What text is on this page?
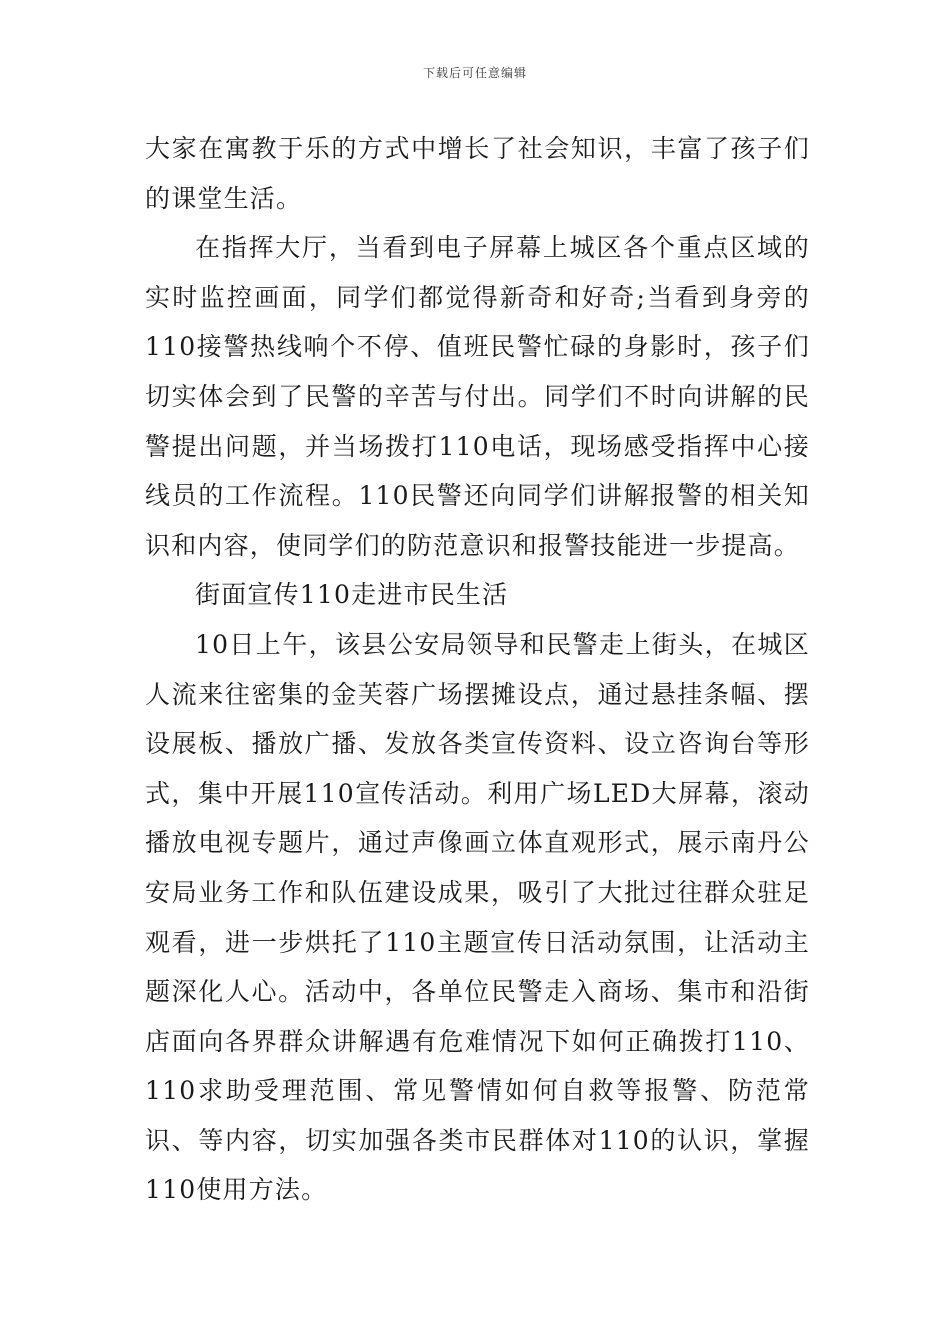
下载后可任意编辑

大家在寓教于乐的方式中增长了社会知识，丰富了孩子们的课堂生活。

在指挥大厅，当看到电子屏幕上城区各个重点区域的实时监控画面，同学们都觉得新奇和好奇;当看到身旁的110接警热线响个不停、值班民警忙碌的身影时，孩子们切实体会到了民警的辛苦与付出。同学们不时向讲解的民警提出问题，并当场拨打110电话，现场感受指挥中心接线员的工作流程。110民警还向同学们讲解报警的相关知识和内容，使同学们的防范意识和报警技能进一步提高。

街面宣传110走进市民生活

10日上午，该县公安局领导和民警走上街头，在城区人流来往密集的金芙蓉广场摆摊设点，通过悬挂条幅、摆设展板、播放广播、发放各类宣传资料、设立咨询台等形式，集中开展110宣传活动。利用广场LED大屏幕，滚动播放电视专题片，通过声像画立体直观形式，展示南丹公安局业务工作和队伍建设成果，吸引了大批过往群众驻足观看，进一步烘托了110主题宣传日活动氛围，让活动主题深化人心。活动中，各单位民警走入商场、集市和沿街店面向各界群众讲解遇有危难情况下如何正确拨打110、110求助受理范围、常见警情如何自救等报警、防范常识、等内容，切实加强各类市民群体对110的认识，掌握110使用方法。
